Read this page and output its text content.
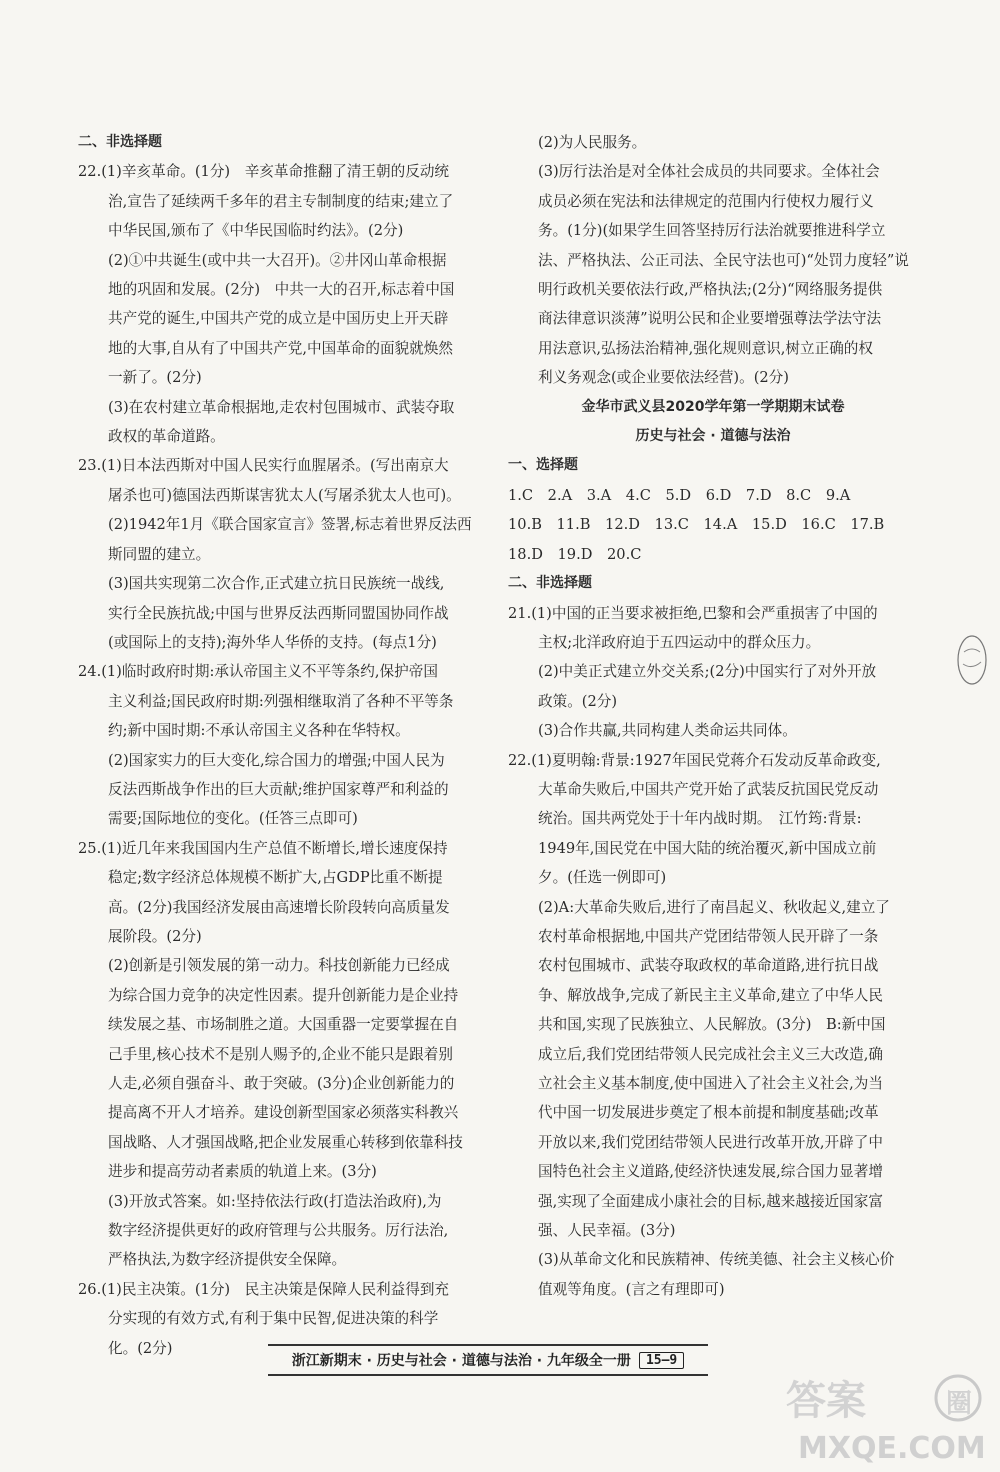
二、非选择题
22.(1)辛亥革命。(1分)　辛亥革命推翻了清王朝的反动统
治,宣告了延续两千多年的君主专制制度的结束;建立了
中华民国,颁布了《中华民国临时约法》。(2分)
(2)①中共诞生(或中共一大召开)。②井冈山革命根据
地的巩固和发展。(2分)　中共一大的召开,标志着中国
共产党的诞生,中国共产党的成立是中国历史上开天辟
地的大事,自从有了中国共产党,中国革命的面貌就焕然
一新了。(2分)
(3)在农村建立革命根据地,走农村包围城市、武装夺取
政权的革命道路。
23.(1)日本法西斯对中国人民实行血腥屠杀。(写出南京大
屠杀也可)德国法西斯谋害犹太人(写屠杀犹太人也可)。
(2)1942年1月《联合国家宣言》签署,标志着世界反法西
斯同盟的建立。
(3)国共实现第二次合作,正式建立抗日民族统一战线,
实行全民族抗战;中国与世界反法西斯同盟国协同作战
(或国际上的支持);海外华人华侨的支持。(每点1分)
24.(1)临时政府时期:承认帝国主义不平等条约,保护帝国
主义利益;国民政府时期:列强相继取消了各种不平等条
约;新中国时期:不承认帝国主义各种在华特权。
(2)国家实力的巨大变化,综合国力的增强;中国人民为
反法西斯战争作出的巨大贡献;维护国家尊严和利益的
需要;国际地位的变化。(任答三点即可)
25.(1)近几年来我国国内生产总值不断增长,增长速度保持
稳定;数字经济总体规模不断扩大,占GDP比重不断提
高。(2分)我国经济发展由高速增长阶段转向高质量发
展阶段。(2分)
(2)创新是引领发展的第一动力。科技创新能力已经成
为综合国力竞争的决定性因素。提升创新能力是企业持
续发展之基、市场制胜之道。大国重器一定要掌握在自
己手里,核心技术不是别人赐予的,企业不能只是跟着别
人走,必须自强奋斗、敢于突破。(3分)企业创新能力的
提高离不开人才培养。建设创新型国家必须落实科教兴
国战略、人才强国战略,把企业发展重心转移到依靠科技
进步和提高劳动者素质的轨道上来。(3分)
(3)开放式答案。如:坚持依法行政(打造法治政府),为
数字经济提供更好的政府管理与公共服务。厉行法治,
严格执法,为数字经济提供安全保障。
26.(1)民主决策。(1分)　民主决策是保障人民利益得到充
分实现的有效方式,有利于集中民智,促进决策的科学
化。(2分)
(2)为人民服务。
(3)厉行法治是对全体社会成员的共同要求。全体社会
成员必须在宪法和法律规定的范围内行使权力履行义
务。(1分)(如果学生回答坚持厉行法治就要推进科学立
法、严格执法、公正司法、全民守法也可)“处罚力度轻”说
明行政机关要依法行政,严格执法;(2分)“网络服务提供
商法律意识淡薄”说明公民和企业要增强尊法学法守法
用法意识,弘扬法治精神,强化规则意识,树立正确的权
利义务观念(或企业要依法经营)。(2分)
金华市武义县2020学年第一学期期末试卷
历史与社会 · 道德与法治
一、选择题
1.C　2.A　3.A　4.C　5.D　6.D　7.D　8.C　9.A
10.B　11.B　12.D　13.C　14.A　15.D　16.C　17.B
18.D　19.D　20.C
二、非选择题
21.(1)中国的正当要求被拒绝,巴黎和会严重损害了中国的
主权;北洋政府迫于五四运动中的群众压力。
(2)中美正式建立外交关系;(2分)中国实行了对外开放
政策。(2分)
(3)合作共赢,共同构建人类命运共同体。
22.(1)夏明翰:背景:1927年国民党蒋介石发动反革命政变,
大革命失败后,中国共产党开始了武装反抗国民党反动
统治。国共两党处于十年内战时期。　江竹筠:背景:
1949年,国民党在中国大陆的统治覆灭,新中国成立前
夕。(任选一例即可)
(2)A:大革命失败后,进行了南昌起义、秋收起义,建立了
农村革命根据地,中国共产党团结带领人民开辟了一条
农村包围城市、武装夺取政权的革命道路,进行抗日战
争、解放战争,完成了新民主主义革命,建立了中华人民
共和国,实现了民族独立、人民解放。(3分)　B:新中国
成立后,我们党团结带领人民完成社会主义三大改造,确
立社会主义基本制度,使中国进入了社会主义社会,为当
代中国一切发展进步奠定了根本前提和制度基础;改革
开放以来,我们党团结带领人民进行改革开放,开辟了中
国特色社会主义道路,使经济快速发展,综合国力显著增
强,实现了全面建成小康社会的目标,越来越接近国家富
强、人民幸福。(3分)
(3)从革命文化和民族精神、传统美德、社会主义核心价
值观等角度。(言之有理即可)
浙江新期末 · 历史与社会 · 道德与法治 · 九年级全一册	15—9
答案	圈
MXQE.COM
